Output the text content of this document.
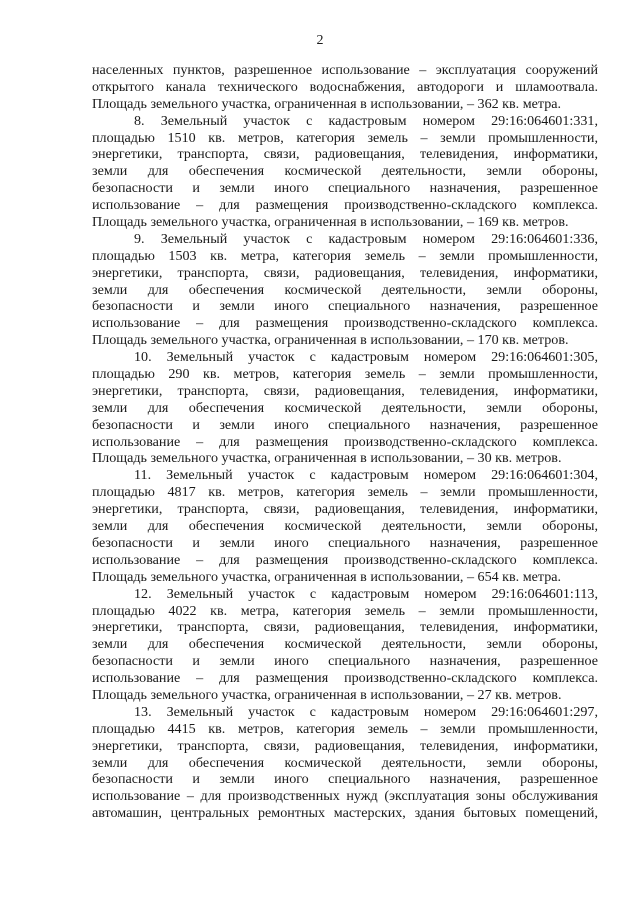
2
населенных пунктов, разрешенное использование – эксплуатация сооружений
открытого канала технического водоснабжения, автодороги и шламоотвала.
Площадь земельного участка, ограниченная в использовании, – 362 кв. метра.
8. Земельный участок с кадастровым номером 29:16:064601:331,
площадью 1510 кв. метров, категория земель – земли промышленности,
энергетики, транспорта, связи, радиовещания, телевидения, информатики,
земли для обеспечения космической деятельности, земли обороны,
безопасности и земли иного специального назначения, разрешенное
использование – для размещения производственно-складского комплекса.
Площадь земельного участка, ограниченная в использовании, – 169 кв. метров.
9. Земельный участок с кадастровым номером 29:16:064601:336,
площадью 1503 кв. метра, категория земель – земли промышленности,
энергетики, транспорта, связи, радиовещания, телевидения, информатики,
земли для обеспечения космической деятельности, земли обороны,
безопасности и земли иного специального назначения, разрешенное
использование – для размещения производственно-складского комплекса.
Площадь земельного участка, ограниченная в использовании, – 170 кв. метров.
10. Земельный участок с кадастровым номером 29:16:064601:305,
площадью 290 кв. метров, категория земель – земли промышленности,
энергетики, транспорта, связи, радиовещания, телевидения, информатики,
земли для обеспечения космической деятельности, земли обороны,
безопасности и земли иного специального назначения, разрешенное
использование – для размещения производственно-складского комплекса.
Площадь земельного участка, ограниченная в использовании, – 30 кв. метров.
11. Земельный участок с кадастровым номером 29:16:064601:304,
площадью 4817 кв. метров, категория земель – земли промышленности,
энергетики, транспорта, связи, радиовещания, телевидения, информатики,
земли для обеспечения космической деятельности, земли обороны,
безопасности и земли иного специального назначения, разрешенное
использование – для размещения производственно-складского комплекса.
Площадь земельного участка, ограниченная в использовании, – 654 кв. метра.
12. Земельный участок с кадастровым номером 29:16:064601:113,
площадью 4022 кв. метра, категория земель – земли промышленности,
энергетики, транспорта, связи, радиовещания, телевидения, информатики,
земли для обеспечения космической деятельности, земли обороны,
безопасности и земли иного специального назначения, разрешенное
использование – для размещения производственно-складского комплекса.
Площадь земельного участка, ограниченная в использовании, – 27 кв. метров.
13. Земельный участок с кадастровым номером 29:16:064601:297,
площадью 4415 кв. метров, категория земель – земли промышленности,
энергетики, транспорта, связи, радиовещания, телевидения, информатики,
земли для обеспечения космической деятельности, земли обороны,
безопасности и земли иного специального назначения, разрешенное
использование – для производственных нужд (эксплуатация зоны обслуживания
автомашин, центральных ремонтных мастерских, здания бытовых помещений,
